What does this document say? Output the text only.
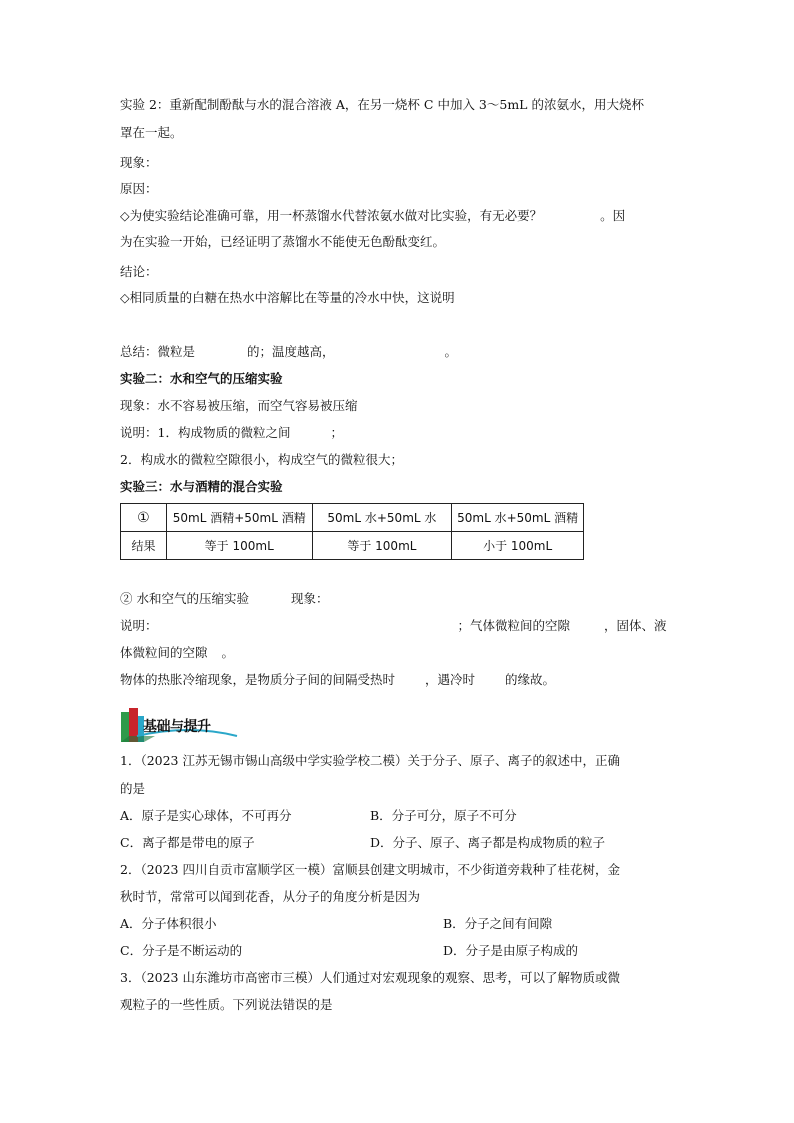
实验 2：重新配制酚酞与水的混合溶液 A，在另一烧杯 C 中加入 3～5mL 的浓氨水，用大烧杯
罩在一起。
现象：
原因：
◇为使实验结论准确可靠，用一杯蒸馏水代替浓氨水做对比实验，有无必要？	。因
为在实验一开始，已经证明了蒸馏水不能使无色酚酞变红。
结论：
◇相同质量的白糖在热水中溶解比在等量的冷水中快，这说明
总结：微粒是	的；温度越高，	。
实验二：水和空气的压缩实验
现象：水不容易被压缩，而空气容易被压缩
说明：1．构成物质的微粒之间	；
2．构成水的微粒空隙很小，构成空气的微粒很大；
实验三：水与酒精的混合实验
①	50mL 酒精+50mL 酒精	50mL 水+50mL 水	50mL 水+50mL 酒精
结果	等于 100mL	等于 100mL	小于 100mL
② 水和空气的压缩实验	现象：
说明：	；气体微粒间的空隙	，固体、液
体微粒间的空隙 。
物体的热胀冷缩现象，是物质分子间的间隔受热时 ，遇冷时 的缘故。
基础与提升
1．（2023 江苏无锡市锡山高级中学实验学校二模）关于分子、原子、离子的叙述中，正确
的是
A．原子是实心球体，不可再分	B．分子可分，原子不可分
C．离子都是带电的原子	D．分子、原子、离子都是构成物质的粒子
2．（2023 四川自贡市富顺学区一模）富顺县创建文明城市，不少街道旁栽种了桂花树，金
秋时节，常常可以闻到花香，从分子的角度分析是因为
A．分子体积很小	B．分子之间有间隙
C．分子是不断运动的	D．分子是由原子构成的
3．（2023 山东潍坊市高密市三模）人们通过对宏观现象的观察、思考，可以了解物质或微
观粒子的一些性质。下列说法错误的是
